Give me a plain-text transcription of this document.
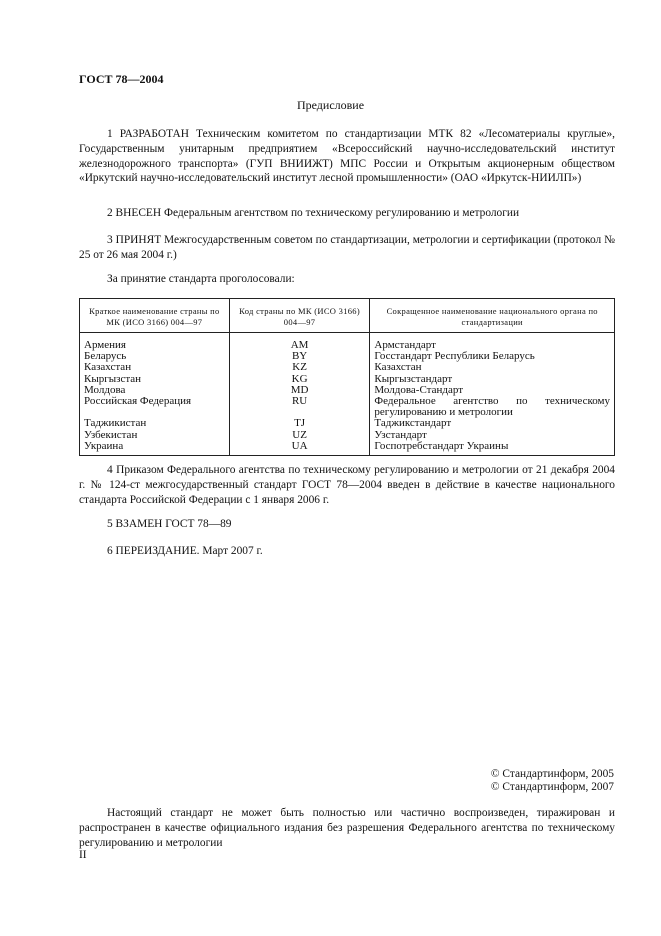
ГОСТ 78—2004
Предисловие
1 РАЗРАБОТАН Техническим комитетом по стандартизации МТК 82 «Лесоматериалы круглые», Государственным унитарным предприятием «Всероссийский научно-исследовательский институт железнодорожного транспорта» (ГУП ВНИИЖТ) МПС России и Открытым акционерным обществом «Иркутский научно-исследовательский институт лесной промышленности» (ОАО «Иркутск-НИИЛП»)
2 ВНЕСЕН Федеральным агентством по техническому регулированию и метрологии
3 ПРИНЯТ Межгосударственным советом по стандартизации, метрологии и сертификации (протокол № 25 от 26 мая 2004 г.)
За принятие стандарта проголосовали:
Краткое наименование страны по МК (ИСО 3166) 004—97	Код страны по МК (ИСО 3166) 004—97	Сокращенное наименование национального органа по стандартизации
Армения	AM	Армстандарт
Беларусь	BY	Госстандарт Республики Беларусь
Казахстан	KZ	Казахстан
Кыргызстан	KG	Кыргызстандарт
Молдова	MD	Молдова-Стандарт
Российская Федерация	RU	Федеральное агентство по техническому регулированию и метрологии
Таджикистан	TJ	Таджикстандарт
Узбекистан	UZ	Узстандарт
Украина	UA	Госпотребстандарт Украины
4 Приказом Федерального агентства по техническому регулированию и метрологии от 21 декабря 2004 г. № 124-ст межгосударственный стандарт ГОСТ 78—2004 введен в действие в качестве национального стандарта Российской Федерации с 1 января 2006 г.
5 ВЗАМЕН ГОСТ 78—89
6 ПЕРЕИЗДАНИЕ. Март 2007 г.
© Стандартинформ, 2005
© Стандартинформ, 2007
Настоящий стандарт не может быть полностью или частично воспроизведен, тиражирован и распространен в качестве официального издания без разрешения Федерального агентства по техническому регулированию и метрологии
II
